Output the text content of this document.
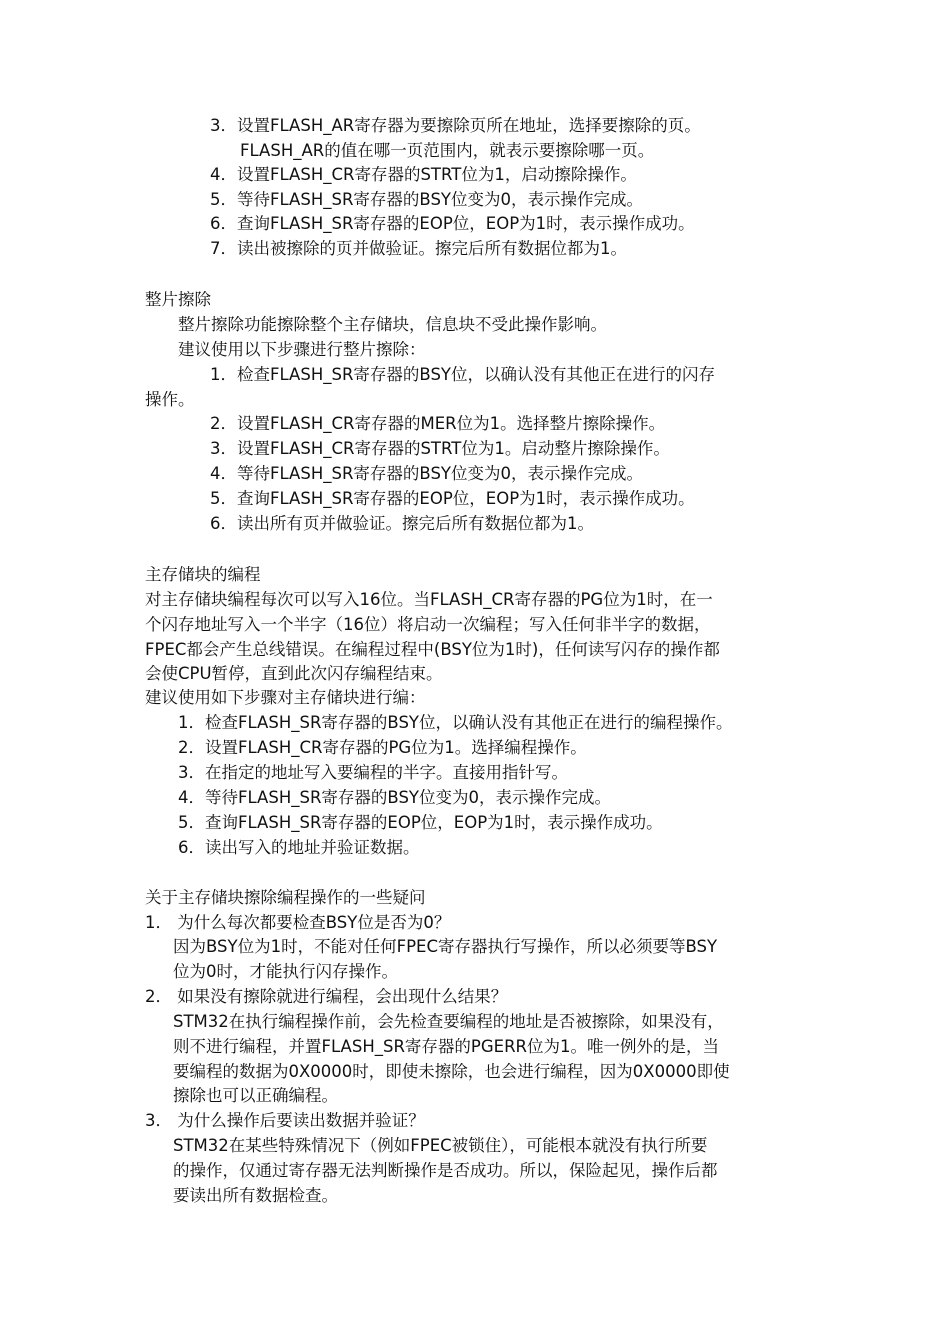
3．设置FLASH_AR寄存器为要擦除页所在地址，选择要擦除的页。
FLASH_AR的值在哪一页范围内，就表示要擦除哪一页。
4．设置FLASH_CR寄存器的STRT位为1，启动擦除操作。
5．等待FLASH_SR寄存器的BSY位变为0，表示操作完成。
6．查询FLASH_SR寄存器的EOP位，EOP为1时，表示操作成功。
7．读出被擦除的页并做验证。擦完后所有数据位都为1。
整片擦除
整片擦除功能擦除整个主存储块，信息块不受此操作影响。
建议使用以下步骤进行整片擦除：
1．检查FLASH_SR寄存器的BSY位，以确认没有其他正在进行的闪存
操作。
2．设置FLASH_CR寄存器的MER位为1。选择整片擦除操作。
3．设置FLASH_CR寄存器的STRT位为1。启动整片擦除操作。
4．等待FLASH_SR寄存器的BSY位变为0，表示操作完成。
5．查询FLASH_SR寄存器的EOP位，EOP为1时，表示操作成功。
6．读出所有页并做验证。擦完后所有数据位都为1。
主存储块的编程
对主存储块编程每次可以写入16位。当FLASH_CR寄存器的PG位为1时，在一
个闪存地址写入一个半字（16位）将启动一次编程；写入任何非半字的数据，
FPEC都会产生总线错误。在编程过程中(BSY位为1时)，任何读写闪存的操作都
会使CPU暂停，直到此次闪存编程结束。
建议使用如下步骤对主存储块进行编：
1．检查FLASH_SR寄存器的BSY位，以确认没有其他正在进行的编程操作。
2．设置FLASH_CR寄存器的PG位为1。选择编程操作。
3．在指定的地址写入要编程的半字。直接用指针写。
4．等待FLASH_SR寄存器的BSY位变为0，表示操作完成。
5．查询FLASH_SR寄存器的EOP位，EOP为1时，表示操作成功。
6．读出写入的地址并验证数据。
关于主存储块擦除编程操作的一些疑问
1． 为什么每次都要检查BSY位是否为0？
因为BSY位为1时，不能对任何FPEC寄存器执行写操作，所以必须要等BSY
位为0时，才能执行闪存操作。
2． 如果没有擦除就进行编程，会出现什么结果？
STM32在执行编程操作前，会先检查要编程的地址是否被擦除，如果没有，
则不进行编程，并置FLASH_SR寄存器的PGERR位为1。唯一例外的是，当
要编程的数据为0X0000时，即使未擦除，也会进行编程，因为0X0000即使
擦除也可以正确编程。
3． 为什么操作后要读出数据并验证？
STM32在某些特殊情况下（例如FPEC被锁住），可能根本就没有执行所要
的操作，仅通过寄存器无法判断操作是否成功。所以，保险起见，操作后都
要读出所有数据检查。
